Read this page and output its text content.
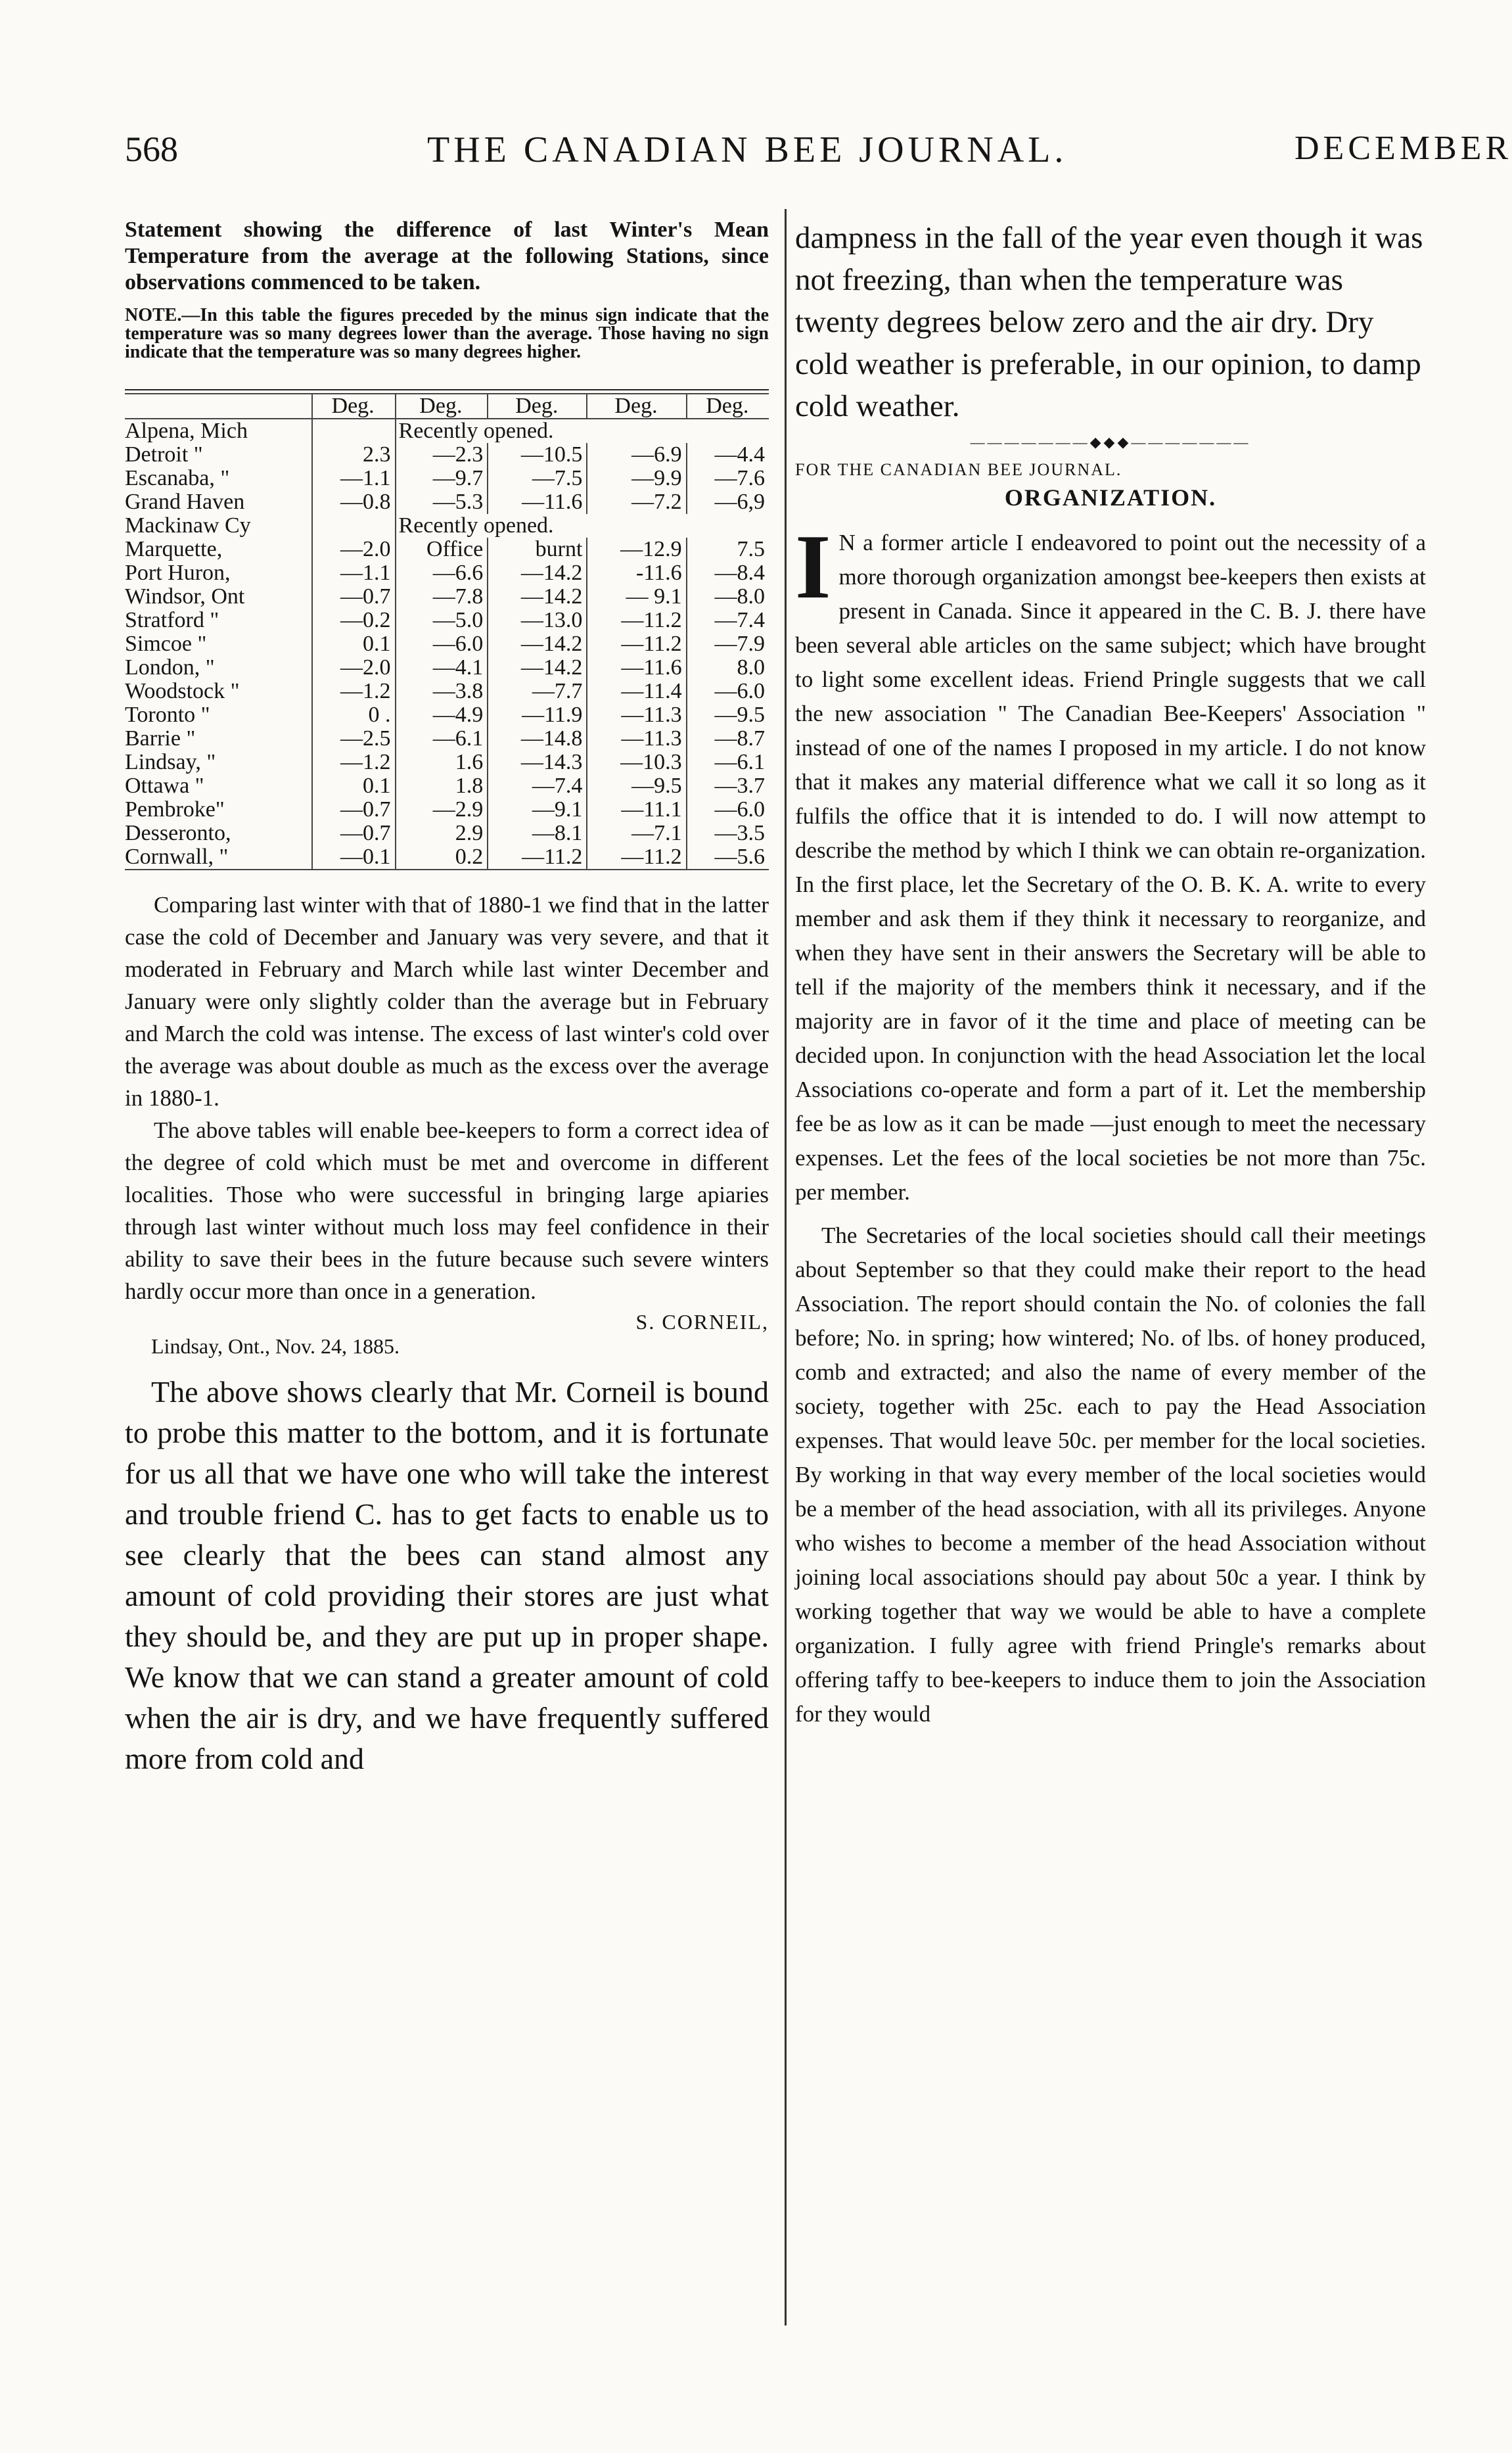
568	THE CANADIAN BEE JOURNAL.	DECEMBER

Statement showing the difference of last Winter's Mean Temperature from the average at the following Stations, since observations commenced to be taken.

NOTE.—In this table the figures preceded by the minus sign indicate that the temperature was so many degrees lower than the average. Those having no sign indicate that the temperature was so many degrees higher.

	Deg.	Deg.	Deg.	Deg.	Deg.
Alpena, Mich		Recently opened.			
Detroit "	2.3	—2.3	—10.5	—6.9	—4.4
Escanaba, "	—1.1	—9.7	—7.5	—9.9	—7.6
Grand Haven	—0.8	—5.3	—11.6	—7.2	—6,9
Mackinaw Cy		Recently opened.			
Marquette,	—2.0	Office	burnt	—12.9	7.5
Port Huron,	—1.1	—6.6	—14.2	-11.6	—8.4
Windsor, Ont	—0.7	—7.8	—14.2	— 9.1	—8.0
Stratford "	—0.2	—5.0	—13.0	—11.2	—7.4
Simcoe "	0.1	—6.0	—14.2	—11.2	—7.9
London, "	—2.0	—4.1	—14.2	—11.6	8.0
Woodstock "	—1.2	—3.8	—7.7	—11.4	—6.0
Toronto "	0 .	—4.9	—11.9	—11.3	—9.5
Barrie "	—2.5	—6.1	—14.8	—11.3	—8.7
Lindsay, "	—1.2	1.6	—14.3	—10.3	—6.1
Ottawa "	0.1	1.8	—7.4	—9.5	—3.7
Pembroke"	—0.7	—2.9	—9.1	—11.1	—6.0
Desseronto,	—0.7	2.9	—8.1	—7.1	—3.5
Cornwall, "	—0.1	0.2	—11.2	—11.2	—5.6

Comparing last winter with that of 1880-1 we find that in the latter case the cold of December and January was very severe, and that it moderated in February and March while last winter December and January were only slightly colder than the average but in February and March the cold was intense. The excess of last winter's cold over the average was about double as much as the excess over the average in 1880-1.

The above tables will enable bee-keepers to form a correct idea of the degree of cold which must be met and overcome in different localities. Those who were successful in bringing large apiaries through last winter without much loss may feel confidence in their ability to save their bees in the future because such severe winters hardly occur more than once in a generation.

S. CORNEIL,

Lindsay, Ont., Nov. 24, 1885.

The above shows clearly that Mr. Corneil is bound to probe this matter to the bottom, and it is fortunate for us all that we have one who will take the interest and trouble friend C. has to get facts to enable us to see clearly that the bees can stand almost any amount of cold providing their stores are just what they should be, and they are put up in proper shape. We know that we can stand a greater amount of cold when the air is dry, and we have frequently suffered more from cold and

dampness in the fall of the year even though it was not freezing, than when the temperature was twenty degrees below zero and the air dry. Dry cold weather is preferable, in our opinion, to damp cold weather.

———————◆◆◆———————

FOR THE CANADIAN BEE JOURNAL.

ORGANIZATION.

I N a former article I endeavored to point out the necessity of a more thorough organization amongst bee-keepers then exists at present in Canada. Since it appeared in the C. B. J. there have been several able articles on the same subject; which have brought to light some excellent ideas. Friend Pringle suggests that we call the new association " The Canadian Bee-Keepers' Association " instead of one of the names I proposed in my article. I do not know that it makes any material difference what we call it so long as it fulfils the office that it is intended to do. I will now attempt to describe the method by which I think we can obtain re-organization. In the first place, let the Secretary of the O. B. K. A. write to every member and ask them if they think it necessary to reorganize, and when they have sent in their answers the Secretary will be able to tell if the majority of the members think it necessary, and if the majority are in favor of it the time and place of meeting can be decided upon. In conjunction with the head Association let the local Associations co-operate and form a part of it. Let the membership fee be as low as it can be made —just enough to meet the necessary expenses. Let the fees of the local societies be not more than 75c. per member.

The Secretaries of the local societies should call their meetings about September so that they could make their report to the head Association. The report should contain the No. of colonies the fall before; No. in spring; how wintered; No. of lbs. of honey produced, comb and extracted; and also the name of every member of the society, together with 25c. each to pay the Head Association expenses. That would leave 50c. per member for the local societies. By working in that way every member of the local societies would be a member of the head association, with all its privileges. Anyone who wishes to become a member of the head Association without joining local associations should pay about 50c a year. I think by working together that way we would be able to have a complete organization. I fully agree with friend Pringle's remarks about offering taffy to bee-keepers to induce them to join the Association for they would
